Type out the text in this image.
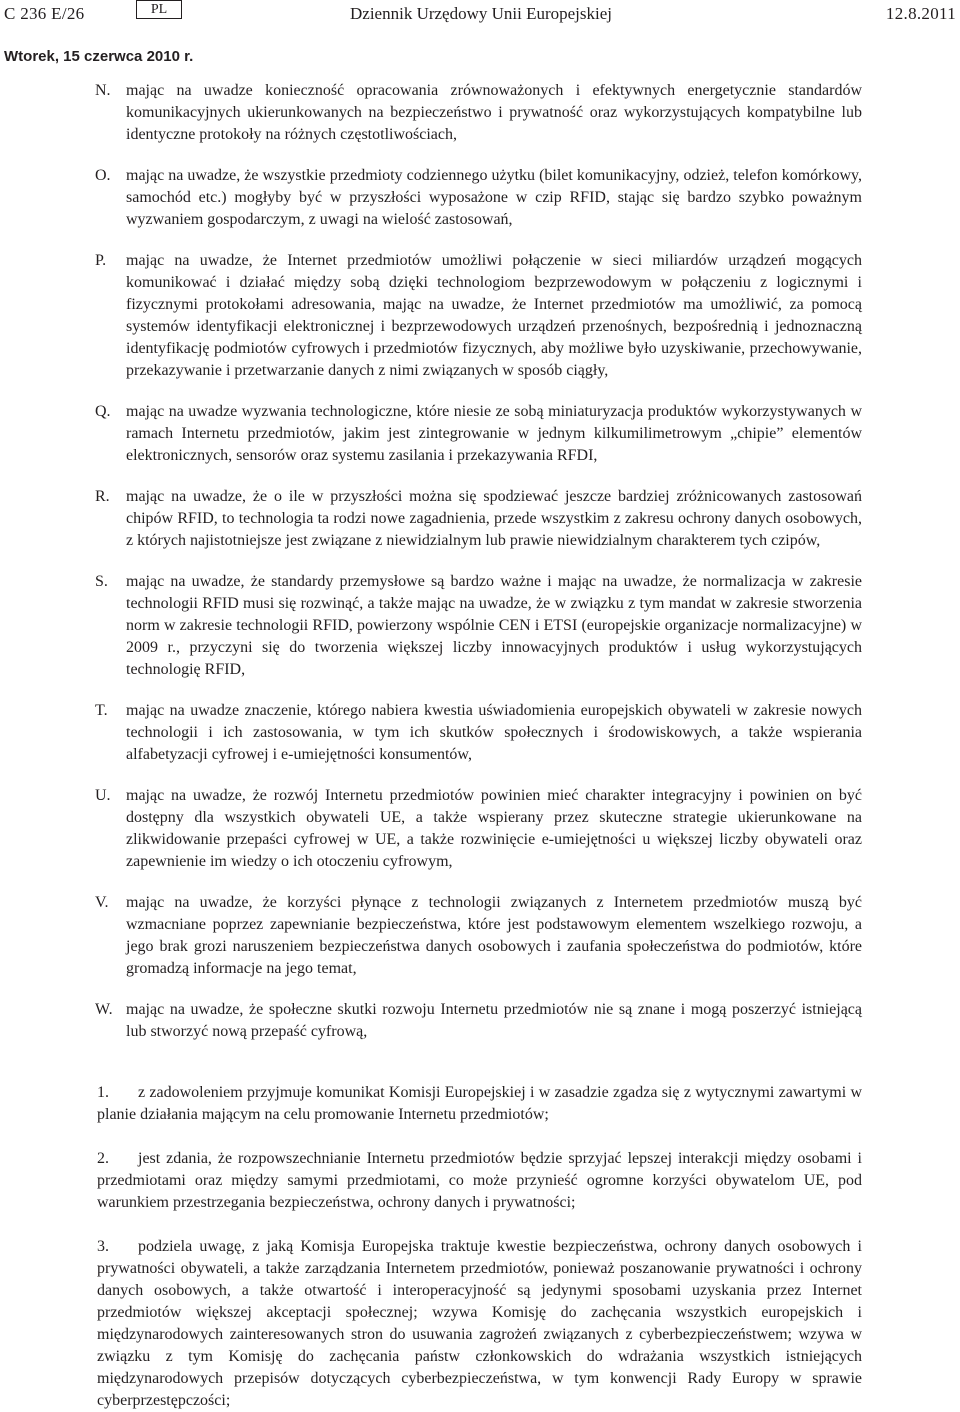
C 236 E/26	PL	Dziennik Urzędowy Unii Europejskiej	12.8.2011
Wtorek, 15 czerwca 2010 r.
N. mając na uwadze konieczność opracowania zrównoważonych i efektywnych energetycznie standardów komunikacyjnych ukierunkowanych na bezpieczeństwo i prywatność oraz wykorzystujących kompatybilne lub identyczne protokoły na różnych częstotliwościach,
O. mając na uwadze, że wszystkie przedmioty codziennego użytku (bilet komunikacyjny, odzież, telefon komórkowy, samochód etc.) mogłyby być w przyszłości wyposażone w czip RFID, stając się bardzo szybko poważnym wyzwaniem gospodarczym, z uwagi na wielość zastosowań,
P. mając na uwadze, że Internet przedmiotów umożliwi połączenie w sieci miliardów urządzeń mogących komunikować i działać między sobą dzięki technologiom bezprzewodowym w połączeniu z logicznymi i fizycznymi protokołami adresowania, mając na uwadze, że Internet przedmiotów ma umożliwić, za pomocą systemów identyfikacji elektronicznej i bezprzewodowych urządzeń przenośnych, bezpośrednią i jednoznaczną identyfikację podmiotów cyfrowych i przedmiotów fizycznych, aby możliwe było uzyskiwanie, przechowywanie, przekazywanie i przetwarzanie danych z nimi związanych w sposób ciągły,
Q. mając na uwadze wyzwania technologiczne, które niesie ze sobą miniaturyzacja produktów wykorzystywanych w ramach Internetu przedmiotów, jakim jest zintegrowanie w jednym kilkumilimetrowym „chipie” elementów elektronicznych, sensorów oraz systemu zasilania i przekazywania RFDI,
R. mając na uwadze, że o ile w przyszłości można się spodziewać jeszcze bardziej zróżnicowanych zastosowań chipów RFID, to technologia ta rodzi nowe zagadnienia, przede wszystkim z zakresu ochrony danych osobowych, z których najistotniejsze jest związane z niewidzialnym lub prawie niewidzialnym charakterem tych czipów,
S. mając na uwadze, że standardy przemysłowe są bardzo ważne i mając na uwadze, że normalizacja w zakresie technologii RFID musi się rozwinąć, a także mając na uwadze, że w związku z tym mandat w zakresie stworzenia norm w zakresie technologii RFID, powierzony wspólnie CEN i ETSI (europejskie organizacje normalizacyjne) w 2009 r., przyczyni się do tworzenia większej liczby innowacyjnych produktów i usług wykorzystujących technologię RFID,
T. mając na uwadze znaczenie, którego nabiera kwestia uświadomienia europejskich obywateli w zakresie nowych technologii i ich zastosowania, w tym ich skutków społecznych i środowiskowych, a także wspierania alfabetyzacji cyfrowej i e-umiejętności konsumentów,
U. mając na uwadze, że rozwój Internetu przedmiotów powinien mieć charakter integracyjny i powinien on być dostępny dla wszystkich obywateli UE, a także wspierany przez skuteczne strategie ukierunkowane na zlikwidowanie przepaści cyfrowej w UE, a także rozwinięcie e-umiejętności u większej liczby obywateli oraz zapewnienie im wiedzy o ich otoczeniu cyfrowym,
V. mając na uwadze, że korzyści płynące z technologii związanych z Internetem przedmiotów muszą być wzmacniane poprzez zapewnianie bezpieczeństwa, które jest podstawowym elementem wszelkiego rozwoju, a jego brak grozi naruszeniem bezpieczeństwa danych osobowych i zaufania społeczeństwa do podmiotów, które gromadzą informacje na jego temat,
W. mając na uwadze, że społeczne skutki rozwoju Internetu przedmiotów nie są znane i mogą poszerzyć istniejącą lub stworzyć nową przepaść cyfrową,
1.	z zadowoleniem przyjmuje komunikat Komisji Europejskiej i w zasadzie zgadza się z wytycznymi zawartymi w planie działania mającym na celu promowanie Internetu przedmiotów;
2.	jest zdania, że rozpowszechnianie Internetu przedmiotów będzie sprzyjać lepszej interakcji między osobami i przedmiotami oraz między samymi przedmiotami, co może przynieść ogromne korzyści obywatelom UE, pod warunkiem przestrzegania bezpieczeństwa, ochrony danych i prywatności;
3.	podziela uwagę, z jaką Komisja Europejska traktuje kwestie bezpieczeństwa, ochrony danych osobowych i prywatności obywateli, a także zarządzania Internetem przedmiotów, ponieważ poszanowanie prywatności i ochrony danych osobowych, a także otwartość i interoperacyjność są jedynymi sposobami uzyskania przez Internet przedmiotów większej akceptacji społecznej; wzywa Komisję do zachęcania wszystkich europejskich i międzynarodowych zainteresowanych stron do usuwania zagrożeń związanych z cyberbezpieczeństwem; wzywa w związku z tym Komisję do zachęcania państw członkowskich do wdrażania wszystkich istniejących międzynarodowych przepisów dotyczących cyberbezpieczeństwa, w tym konwencji Rady Europy w sprawie cyberprzestępczości;
